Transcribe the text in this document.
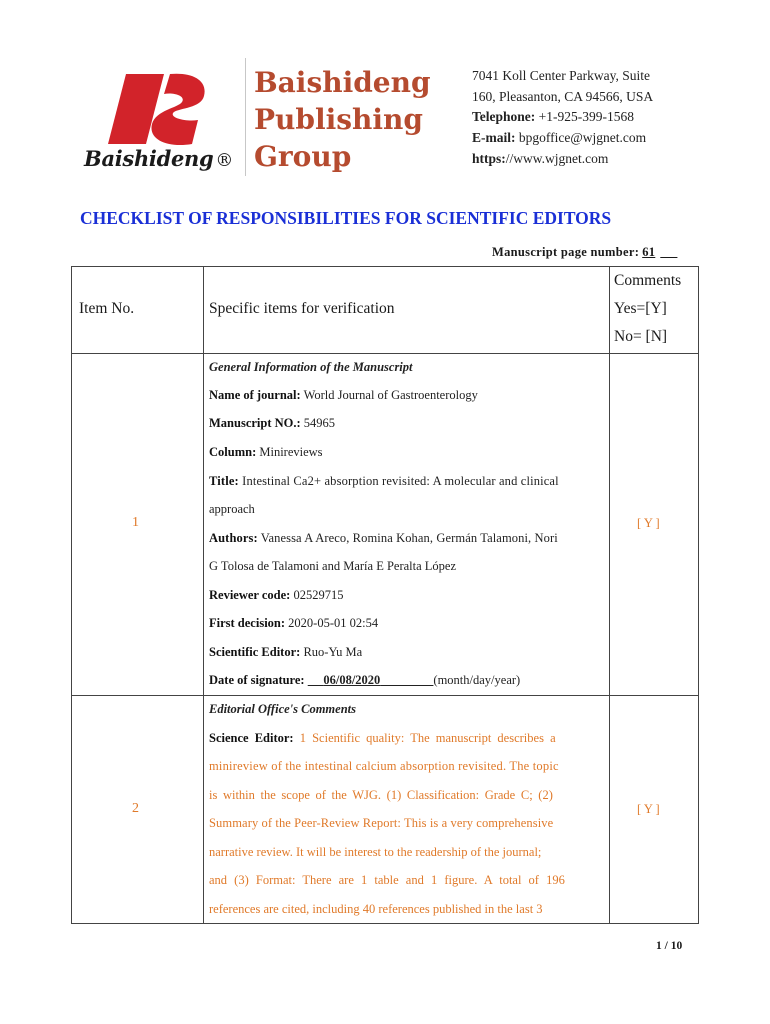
Baishideng ®
Baishideng
Publishing
Group
7041 Koll Center Parkway, Suite
160, Pleasanton, CA 94566, USA
Telephone: +1-925-399-1568
E-mail: bpgoffice@wjgnet.com
https://www.wjgnet.com
CHECKLIST OF RESPONSIBILITIES FOR SCIENTIFIC EDITORS
Manuscript page number: 61
Item No.	Specific items for verification
Comments
Yes=[Y]
No= [N]
1
General Information of the Manuscript
Name of journal: World Journal of Gastroenterology
Manuscript NO.: 54965
Column: Minireviews
Title: Intestinal Ca2+ absorption revisited: A molecular and clinical
approach
Authors: Vanessa A Areco, Romina Kohan, Germán Talamoni, Nori
G Tolosa de Talamoni and María E Peralta López
Reviewer code: 02529715
First decision: 2020-05-01 02:54
Scientific Editor: Ruo-Yu Ma
Date of signature: 06/08/2020	(month/day/year)
[ Y ]
2
Editorial Office's Comments
Science Editor: 1 Scientific quality: The manuscript describes a
minireview of the intestinal calcium absorption revisited. The topic
is within the scope of the WJG. (1) Classification: Grade C; (2)
Summary of the Peer-Review Report: This is a very comprehensive
narrative review. It will be interest to the readership of the journal;
and (3) Format: There are 1 table and 1 figure. A total of 196
references are cited, including 40 references published in the last 3
[ Y ]
1 / 10
